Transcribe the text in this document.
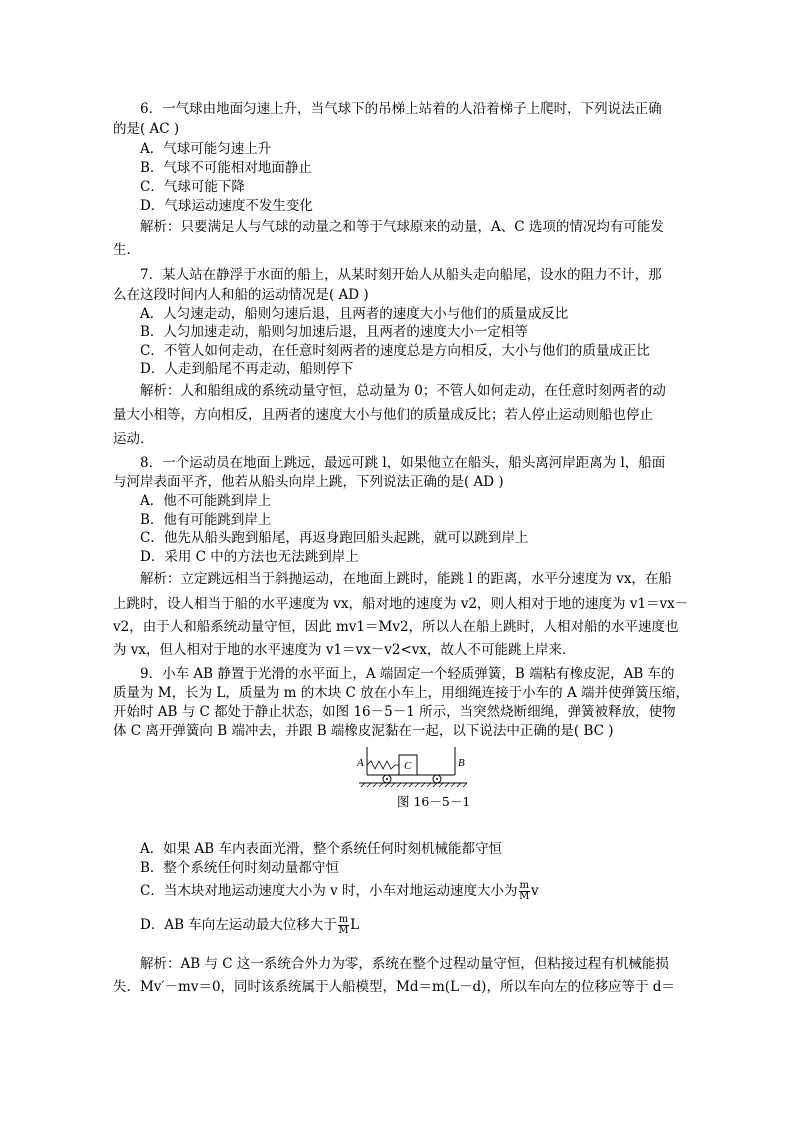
6．一气球由地面匀速上升，当气球下的吊梯上站着的人沿着梯子上爬时，下列说法正确
的是( AC )
A．气球可能匀速上升
B．气球不可能相对地面静止
C．气球可能下降
D．气球运动速度不发生变化
解析：只要满足人与气球的动量之和等于气球原来的动量，A、C 选项的情况均有可能发
生．
7．某人站在静浮于水面的船上，从某时刻开始人从船头走向船尾，设水的阻力不计，那
么在这段时间内人和船的运动情况是( AD )
A．人匀速走动，船则匀速后退，且两者的速度大小与他们的质量成反比
B．人匀加速走动，船则匀加速后退，且两者的速度大小一定相等
C．不管人如何走动，在任意时刻两者的速度总是方向相反，大小与他们的质量成正比
D．人走到船尾不再走动，船则停下
解析：人和船组成的系统动量守恒，总动量为 0；不管人如何走动，在任意时刻两者的动
量大小相等，方向相反，且两者的速度大小与他们的质量成反比；若人停止运动则船也停止
运动．
8．一个运动员在地面上跳远，最远可跳 l，如果他立在船头，船头离河岸距离为 l，船面
与河岸表面平齐，他若从船头向岸上跳，下列说法正确的是( AD )
A．他不可能跳到岸上
B．他有可能跳到岸上
C．他先从船头跑到船尾，再返身跑回船头起跳，就可以跳到岸上
D．采用 C 中的方法也无法跳到岸上
解析：立定跳远相当于斜抛运动，在地面上跳时，能跳 l 的距离，水平分速度为 vx，在船
上跳时，设人相当于船的水平速度为 vx，船对地的速度为 v2，则人相对于地的速度为 v1＝vx－
v2，由于人和船系统动量守恒，因此 mv1＝Mv2，所以人在船上跳时，人相对船的水平速度也
为 vx，但人相对于地的水平速度为 v1＝vx－v2<vx，故人不可能跳上岸来．
9．小车 AB 静置于光滑的水平面上，A 端固定一个轻质弹簧，B 端粘有橡皮泥，AB 车的
质量为 M，长为 L，质量为 m 的木块 C 放在小车上，用细绳连接于小车的 A 端并使弹簧压缩，
开始时 AB 与 C 都处于静止状态，如图 16－5－1 所示，当突然烧断细绳，弹簧被释放，使物
体 C 离开弹簧向 B 端冲去，并跟 B 端橡皮泥黏在一起，以下说法中正确的是( BC )
A	B
C
图 16－5－1
A．如果 AB 车内表面光滑，整个系统任何时刻机械能都守恒
B．整个系统任何时刻动量都守恒
C．当木块对地运动速度大小为 v 时，小车对地运动速度大小为 $\frac{m}{M}$ v
D．AB 车向左运动最大位移大于 $\frac{m}{M}$ L
解析：AB 与 C 这一系统合外力为零，系统在整个过程动量守恒，但粘接过程有机械能损
失．Mv′－mv＝0，同时该系统属于人船模型，Md＝m(L－d)，所以车向左的位移应等于 d＝
